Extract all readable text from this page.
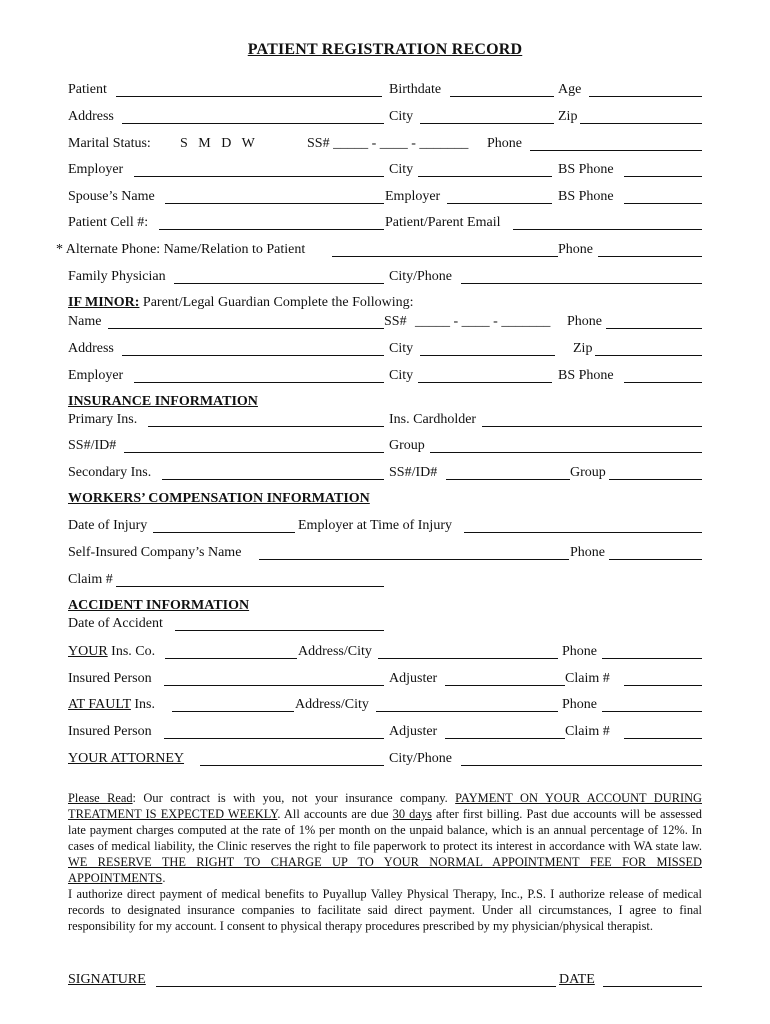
PATIENT REGISTRATION RECORD
Patient	Birthdate	Age
Address	City	Zip
Marital Status: S   M   D   W	SS# _____ - ____ - _______ Phone
Employer	City	BS Phone
Spouse’s Name	Employer	BS Phone
Patient Cell #:	Patient/Parent Email
* Alternate Phone: Name/Relation to Patient	Phone
Family Physician	City/Phone
IF MINOR: Parent/Legal Guardian Complete the Following:
Name	SS# _____ - ____ - _______ Phone
Address	City	Zip
Employer	City	BS Phone
INSURANCE INFORMATION
Primary Ins.	Ins. Cardholder
SS#/ID#	Group
Secondary Ins.	SS#/ID#	Group
WORKERS’ COMPENSATION INFORMATION
Date of Injury	Employer at Time of Injury
Self-Insured Company’s Name	Phone
Claim #
ACCIDENT INFORMATION
Date of Accident
YOUR Ins. Co.	Address/City	Phone
Insured Person	Adjuster	Claim #
AT FAULT Ins.	Address/City	Phone
Insured Person	Adjuster	Claim #
YOUR ATTORNEY	City/Phone

Please Read: Our contract is with you, not your insurance company. PAYMENT ON YOUR ACCOUNT DURING TREATMENT IS EXPECTED WEEKLY. All accounts are due 30 days after first billing. Past due accounts will be assessed late payment charges computed at the rate of 1% per month on the unpaid balance, which is an annual percentage of 12%. In cases of medical liability, the Clinic reserves the right to file paperwork to protect its interest in accordance with WA state law. WE RESERVE THE RIGHT TO CHARGE UP TO YOUR NORMAL APPOINTMENT FEE FOR MISSED APPOINTMENTS.

I authorize direct payment of medical benefits to Puyallup Valley Physical Therapy, Inc., P.S. I authorize release of medical records to designated insurance companies to facilitate said direct payment. Under all circumstances, I agree to final responsibility for my account. I consent to physical therapy procedures prescribed by my physician/physical therapist.

SIGNATURE	DATE
